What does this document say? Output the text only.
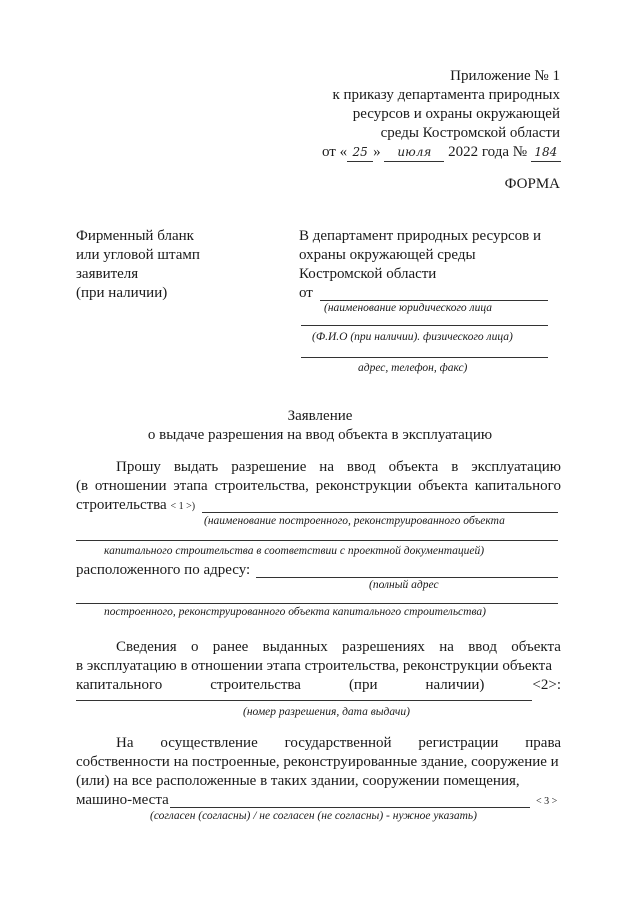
Приложение № 1
к приказу департамента природных
ресурсов и охраны окружающей
среды Костромской области
от « 25 » июля 2022 года № 184
ФОРМА
Фирменный бланк
или угловой штамп
заявителя
(при наличии)
В департамент природных ресурсов и
охраны окружающей среды
Костромской области
от
(наименование юридического лица
(Ф.И.О (при наличии). физического лица)
адрес, телефон, факс)
Заявление
о выдаче разрешения на ввод объекта в эксплуатацию
Прошу выдать разрешение на ввод объекта в эксплуатацию
(в отношении этапа строительства, реконструкции объекта капитального
строительства < 1 >)
(наименование построенного, реконструированного объекта
капитального строительства в соответствии с проектной документацией)
расположенного по адресу:
(полный адрес
построенного, реконструированного объекта капитального строительства)
Сведения о ранее выданных разрешениях на ввод объекта
в эксплуатацию в отношении этапа строительства, реконструкции объекта
капитального	строительства	(при	наличии)	<2>:
(номер разрешения, дата выдачи)
На осуществление государственной регистрации права
собственности на построенные, реконструированные здание, сооружение и
(или) на все расположенные в таких здании, сооружении помещения,
машино-места	< 3 >
(согласен (согласны) / не согласен (не согласны) - нужное указать)
